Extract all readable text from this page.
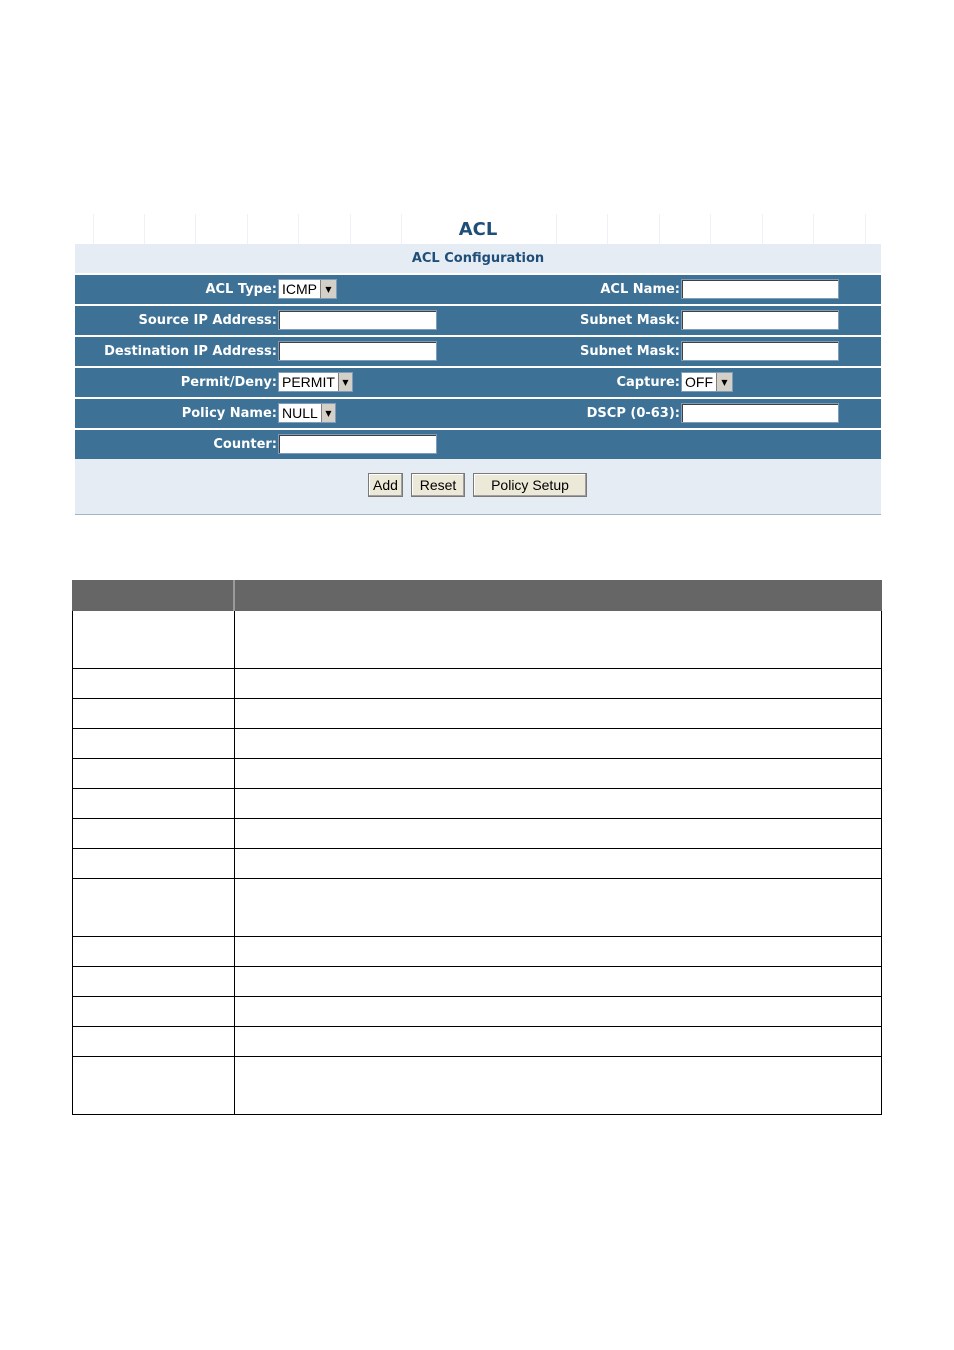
ACL
ACL Configuration
ACL Type: ICMP	▼	ACL Name:
Source IP Address:	Subnet Mask:
Destination IP Address:	Subnet Mask:
Permit/Deny: PERMIT ▼	Capture: OFF	▼
Policy Name: NULL ▼	DSCP (0-63):
Counter:
Add	Reset	Policy Setup
